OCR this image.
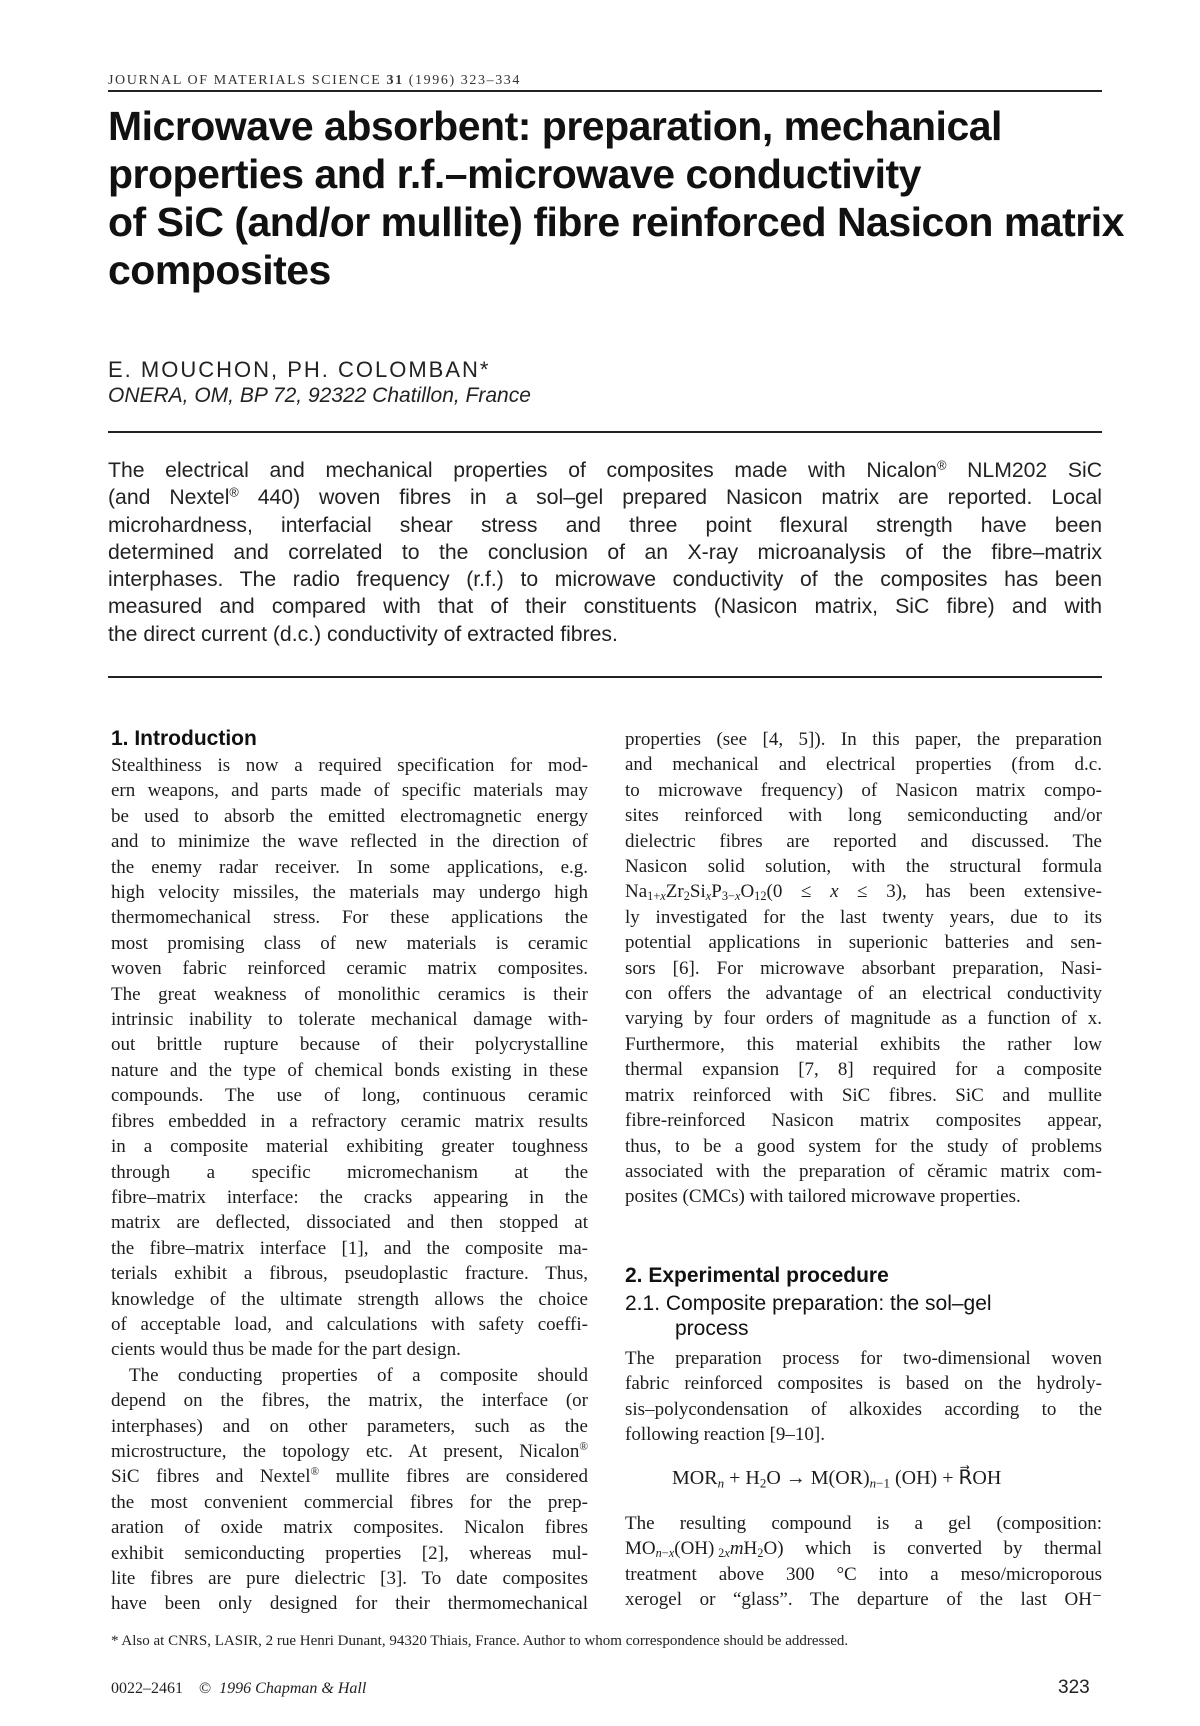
JOURNAL OF MATERIALS SCIENCE 31 (1996) 323–334
Microwave absorbent: preparation, mechanical
properties and r.f.–microwave conductivity
of SiC (and/or mullite) fibre reinforced Nasicon matrix
composites
E. MOUCHON, PH. COLOMBAN*
ONERA, OM, BP 72, 92322 Chatillon, France
The electrical and mechanical properties of composites made with Nicalon® NLM202 SiC
(and Nextel® 440) woven fibres in a sol–gel prepared Nasicon matrix are reported. Local
microhardness, interfacial shear stress and three point flexural strength have been
determined and correlated to the conclusion of an X-ray microanalysis of the fibre–matrix
interphases. The radio frequency (r.f.) to microwave conductivity of the composites has been
measured and compared with that of their constituents (Nasicon matrix, SiC fibre) and with
the direct current (d.c.) conductivity of extracted fibres.
1. Introduction
Stealthiness is now a required specification for mod-
ern weapons, and parts made of specific materials may
be used to absorb the emitted electromagnetic energy
and to minimize the wave reflected in the direction of
the enemy radar receiver. In some applications, e.g.
high velocity missiles, the materials may undergo high
thermomechanical stress. For these applications the
most promising class of new materials is ceramic
woven fabric reinforced ceramic matrix composites.
The great weakness of monolithic ceramics is their
intrinsic inability to tolerate mechanical damage with-
out brittle rupture because of their polycrystalline
nature and the type of chemical bonds existing in these
compounds. The use of long, continuous ceramic
fibres embedded in a refractory ceramic matrix results
in a composite material exhibiting greater toughness
through a specific micromechanism at the
fibre–matrix interface: the cracks appearing in the
matrix are deflected, dissociated and then stopped at
the fibre–matrix interface [1], and the composite ma-
terials exhibit a fibrous, pseudoplastic fracture. Thus,
knowledge of the ultimate strength allows the choice
of acceptable load, and calculations with safety coeffi-
cients would thus be made for the part design.
The conducting properties of a composite should
depend on the fibres, the matrix, the interface (or
interphases) and on other parameters, such as the
microstructure, the topology etc. At present, Nicalon®
SiC fibres and Nextel® mullite fibres are considered
the most convenient commercial fibres for the prep-
aration of oxide matrix composites. Nicalon fibres
exhibit semiconducting properties [2], whereas mul-
lite fibres are pure dielectric [3]. To date composites
have been only designed for their thermomechanical
properties (see [4, 5]). In this paper, the preparation
and mechanical and electrical properties (from d.c.
to microwave frequency) of Nasicon matrix compo-
sites reinforced with long semiconducting and/or
dielectric fibres are reported and discussed. The
Nasicon solid solution, with the structural formula
$Na_{1+x}Zr_2Si_xP_{3-x}O_{12}(0 \le x \le 3)$, has been extensive-
ly investigated for the last twenty years, due to its
potential applications in superionic batteries and sen-
sors [6]. For microwave absorbant preparation, Nasi-
con offers the advantage of an electrical conductivity
varying by four orders of magnitude as a function of x.
Furthermore, this material exhibits the rather low
thermal expansion [7, 8] required for a composite
matrix reinforced with SiC fibres. SiC and mullite
fibre-reinforced Nasicon matrix composites appear,
thus, to be a good system for the study of problems
associated with the preparation of cěramic matrix com-
posites (CMCs) with tailored microwave properties.
2. Experimental procedure
2.1. Composite preparation: the sol–gel
process
The preparation process for two-dimensional woven
fabric reinforced composites is based on the hydroly-
sis–polycondensation of alkoxides according to the
following reaction [9–10].
$MOR_n + H_2O \to M(OR)_{n-1}$ (OH) + R⃗OH
The resulting compound is a gel (composition:
$MO_{n-x}(OH)$ $_{2x}mH_2O$) which is converted by thermal
treatment above 300 °C into a meso/microporous
xerogel or “glass”. The departure of the last OH⁻
* Also at CNRS, LASIR, 2 rue Henri Dunant, 94320 Thiais, France. Author to whom correspondence should be addressed.
0022–2461 © 1996 Chapman & Hall	323
